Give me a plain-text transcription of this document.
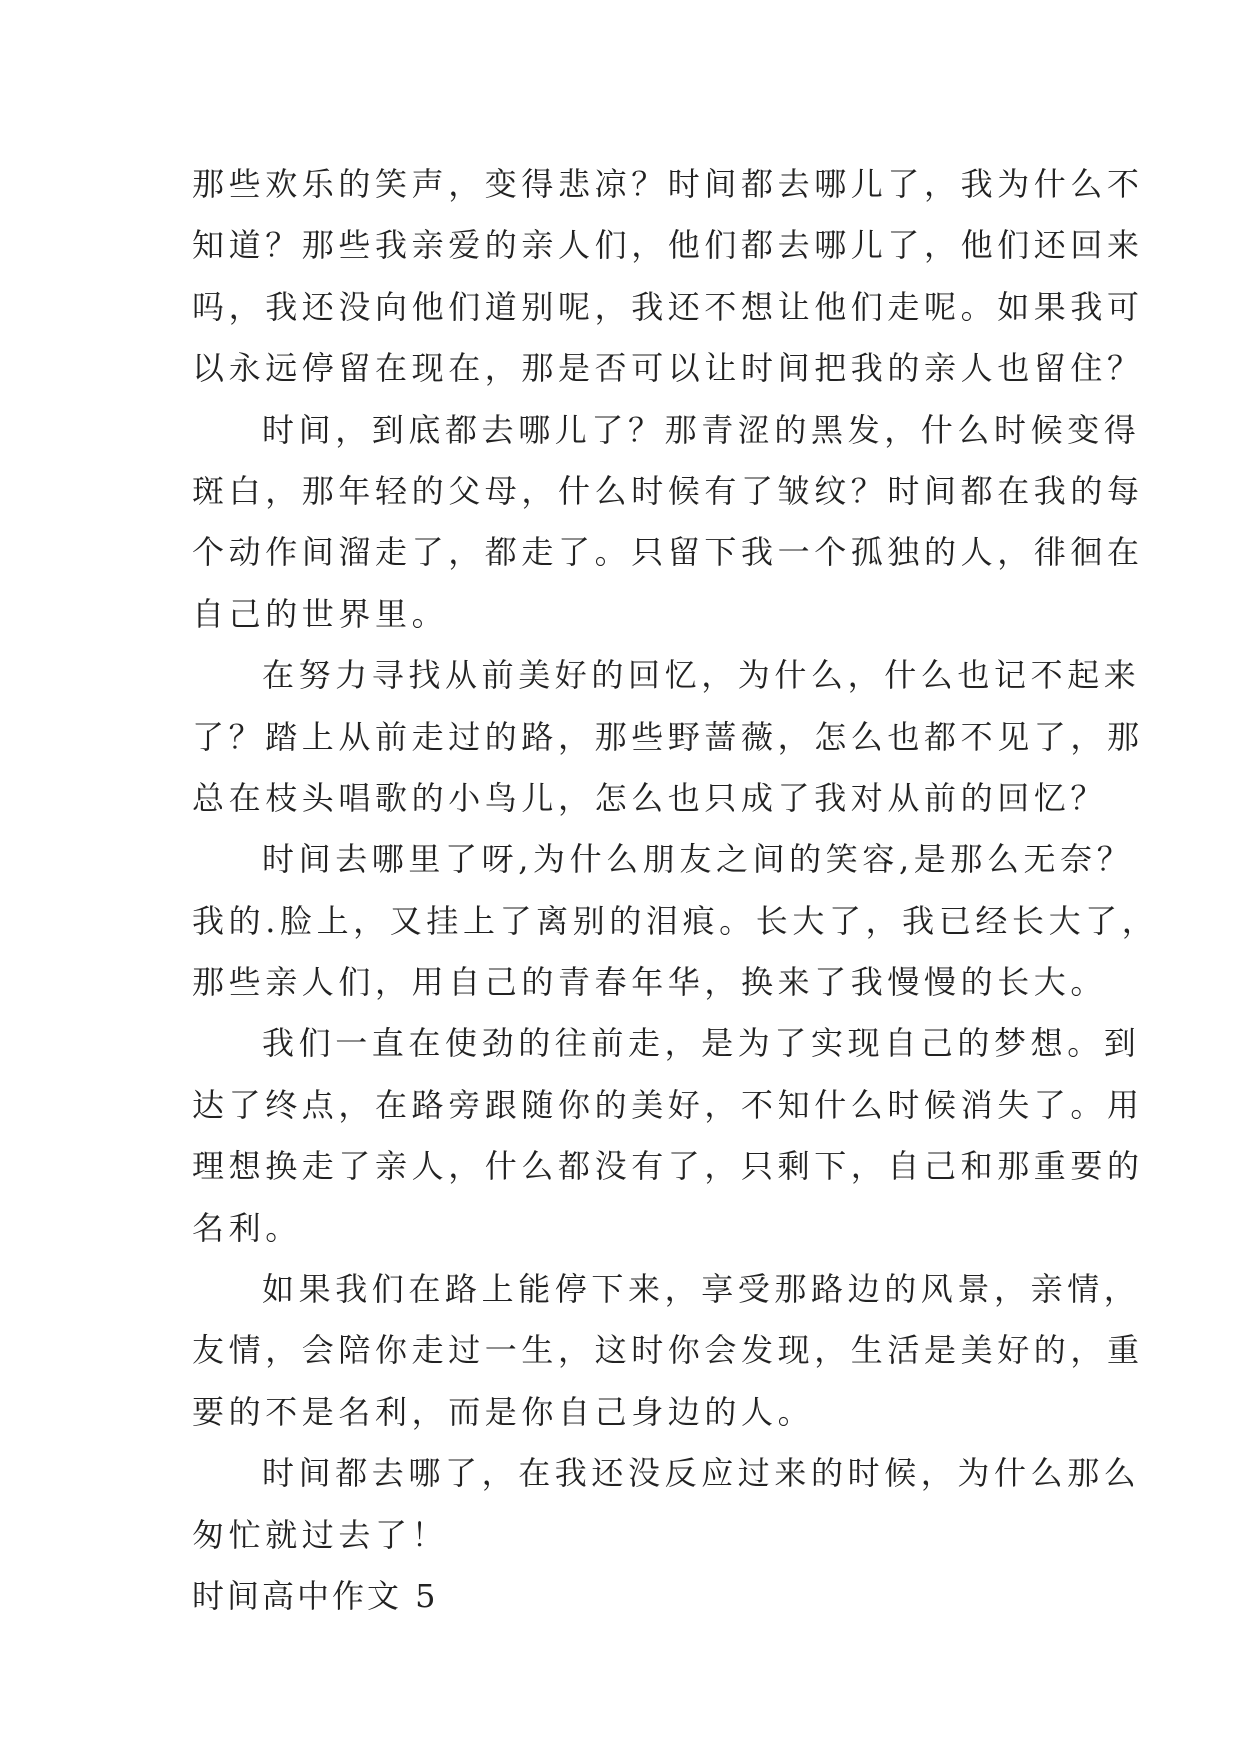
那些欢乐的笑声，变得悲凉？时间都去哪儿了，我为什么不
知道？那些我亲爱的亲人们，他们都去哪儿了，他们还回来
吗，我还没向他们道别呢，我还不想让他们走呢。如果我可
以永远停留在现在，那是否可以让时间把我的亲人也留住？
时间，到底都去哪儿了？那青涩的黑发，什么时候变得
斑白，那年轻的父母，什么时候有了皱纹？时间都在我的每
个动作间溜走了，都走了。只留下我一个孤独的人，徘徊在
自己的世界里。
在努力寻找从前美好的回忆，为什么，什么也记不起来
了？踏上从前走过的路，那些野蔷薇，怎么也都不见了，那
总在枝头唱歌的小鸟儿，怎么也只成了我对从前的回忆？
时间去哪里了呀,为什么朋友之间的笑容,是那么无奈？
我的.脸上，又挂上了离别的泪痕。长大了，我已经长大了，
那些亲人们，用自己的青春年华，换来了我慢慢的长大。
我们一直在使劲的往前走，是为了实现自己的梦想。到
达了终点，在路旁跟随你的美好，不知什么时候消失了。用
理想换走了亲人，什么都没有了，只剩下，自己和那重要的
名利。
如果我们在路上能停下来，享受那路边的风景，亲情，
友情，会陪你走过一生，这时你会发现，生活是美好的，重
要的不是名利，而是你自己身边的人。
时间都去哪了，在我还没反应过来的时候，为什么那么
匆忙就过去了！
时间高中作文 5
